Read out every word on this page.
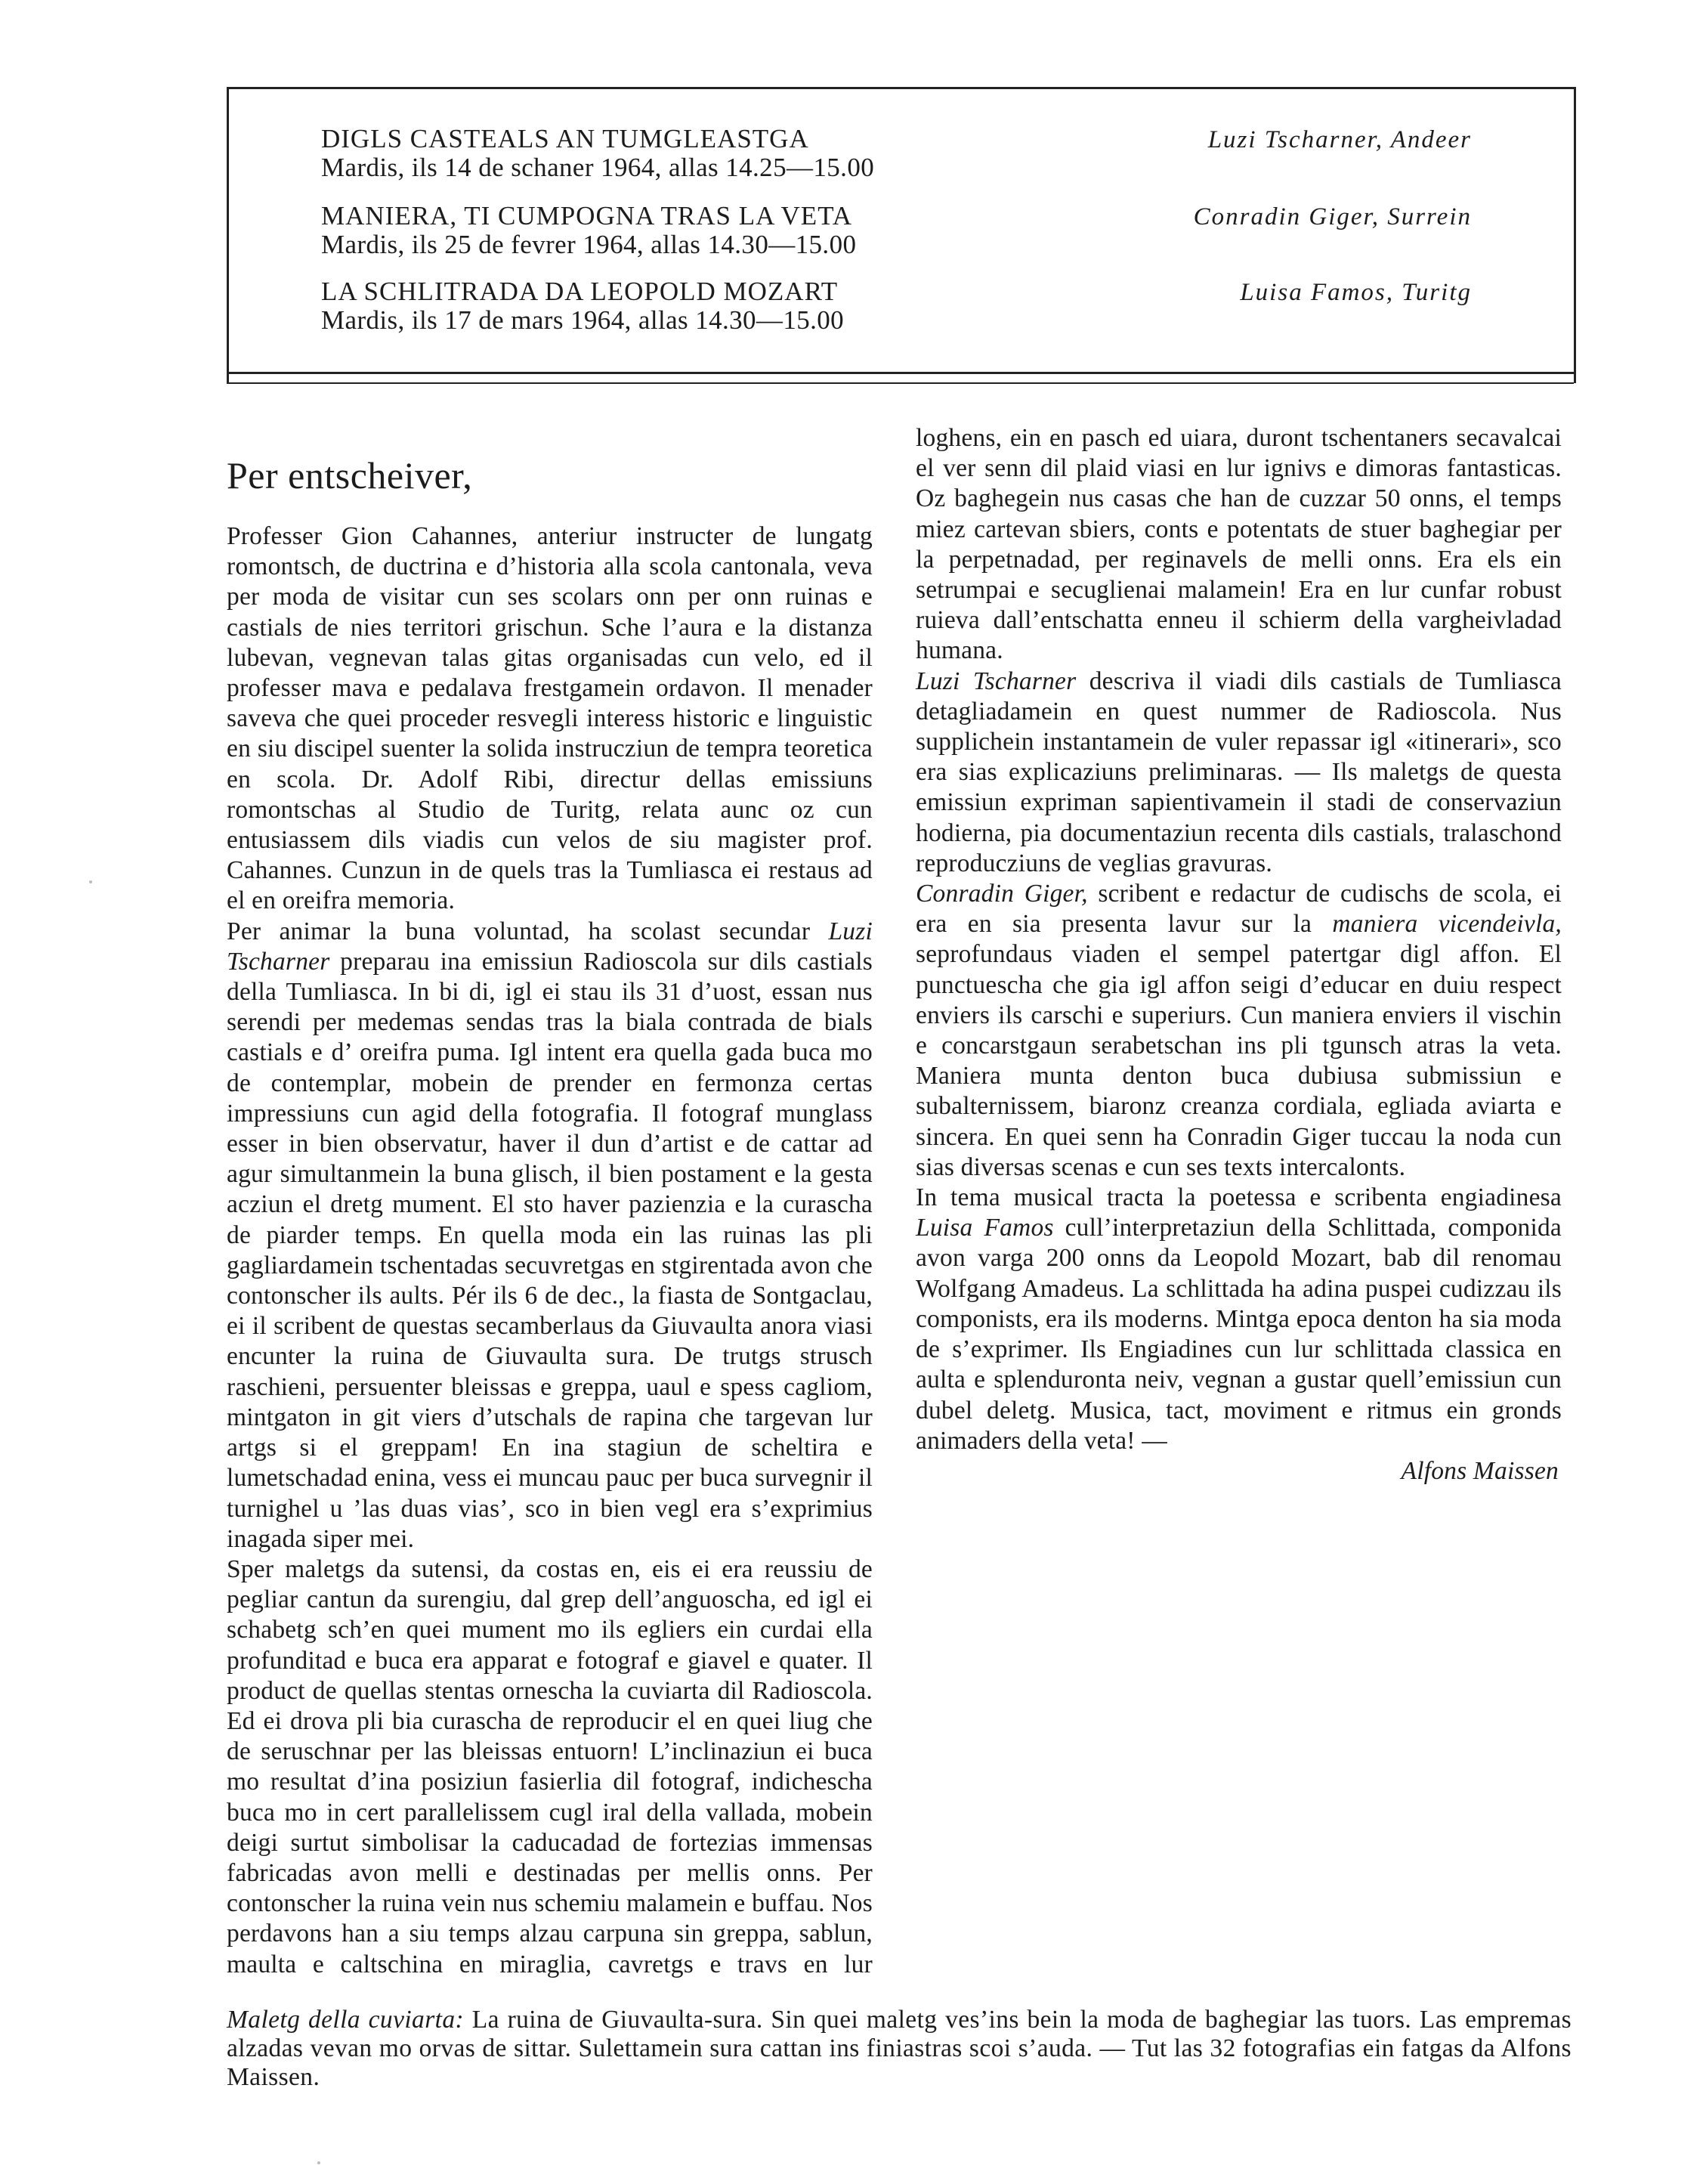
DIGLS CASTEALS AN TUMGLEASTGA
Mardis, ils 14 de schaner 1964, allas 14.25—15.00
Luzi Tscharner, Andeer
MANIERA, TI CUMPOGNA TRAS LA VETA
Mardis, ils 25 de fevrer 1964, allas 14.30—15.00
Conradin Giger, Surrein
LA SCHLITRADA DA LEOPOLD MOZART
Mardis, ils 17 de mars 1964, allas 14.30—15.00
Luisa Famos, Turitg
Per entscheiver,

Professer Gion Cahannes, anteriur instructer de lungatg romontsch, de ductrina e d’historia alla scola cantonala, veva per moda de visitar cun ses scolars onn per onn ruinas e castials de nies territori grischun. Sche l’aura e la distanza lubevan, vegnevan talas gitas organisadas cun velo, ed il professer mava e pedalava frestgamein ordavon. Il menader saveva che quei proceder resvegli interess historic e linguistic en siu discipel suenter la solida instrucziun de tempra teoretica en scola. Dr. Adolf Ribi, directur dellas emissiuns romontschas al Studio de Turitg, relata aunc oz cun entusiassem dils viadis cun velos de siu magister prof. Cahannes. Cunzun in de quels tras la Tumliasca ei restaus ad el en oreifra memoria.

Per animar la buna voluntad, ha scolast secundar Luzi Tscharner preparau ina emissiun Radioscola sur dils castials della Tumliasca. In bi di, igl ei stau ils 31 d’uost, essan nus serendi per medemas sendas tras la biala contrada de bials castials e d’ oreifra puma. Igl intent era quella gada buca mo de contemplar, mobein de prender en fermonza certas impressiuns cun agid della fotografia. Il fotograf munglass esser in bien observatur, haver il dun d’artist e de cattar ad agur simultanmein la buna glisch, il bien postament e la gesta acziun el dretg mument. El sto haver pazienzia e la curascha de piarder temps. En quella moda ein las ruinas las pli gagliardamein tschentadas secuvretgas en stgirentada avon che contonscher ils aults. Pér ils 6 de dec., la fiasta de Sontgaclau, ei il scribent de questas secamberlaus da Giuvaulta anora viasi encunter la ruina de Giuvaulta sura. De trutgs strusch raschieni, persuenter bleissas e greppa, uaul e spess cagliom, mintgaton in git viers d’utschals de rapina che targevan lur artgs si el greppam! En ina stagiun de scheltira e lumetschadad enina, vess ei muncau pauc per buca survegnir il turnighel u ’las duas vias’, sco in bien vegl era s’exprimius inagada siper mei.

Sper maletgs da sutensi, da costas en, eis ei era reussiu de pegliar cantun da surengiu, dal grep dell’anguoscha, ed igl ei schabetg sch’en quei mument mo ils egliers ein curdai ella profunditad e buca era apparat e fotograf e giavel e quater. Il product de quellas stentas ornescha la cuviarta dil Radioscola. Ed ei drova pli bia curascha de reproducir el en quei liug che de seruschnar per las bleissas entuorn! L’inclinaziun ei buca mo resultat d’ina posiziun fasierlia dil fotograf, indichescha buca mo in cert parallelissem cugl iral della vallada, mobein deigi surtut simbolisar la caducadad de fortezias immensas fabricadas avon melli e destinadas per mellis onns. Per contonscher la ruina vein nus schemiu malamein e buffau. Nos perdavons han a siu temps alzau carpuna sin greppa, sablun, maulta e caltschina en miraglia, cavretgs e travs en lur

loghens, ein en pasch ed uiara, duront tschentaners secavalcai el ver senn dil plaid viasi en lur ignivs e dimoras fantasticas. Oz baghegein nus casas che han de cuzzar 50 onns, el temps miez cartevan sbiers, conts e potentats de stuer baghegiar per la perpetnadad, per reginavels de melli onns. Era els ein setrumpai e secuglienai malamein! Era en lur cunfar robust ruieva dall’entschatta enneu il schierm della vargheivladad humana.

Luzi Tscharner descriva il viadi dils castials de Tumliasca detagliadamein en quest nummer de Radioscola. Nus supplichein instantamein de vuler repassar igl «itinerari», sco era sias explicaziuns preliminaras. — Ils maletgs de questa emissiun expriman sapientivamein il stadi de conservaziun hodierna, pia documentaziun recenta dils castials, tralaschond reproducziuns de veglias gravuras.

Conradin Giger, scribent e redactur de cudischs de scola, ei era en sia presenta lavur sur la maniera vicendeivla, seprofundaus viaden el sempel patertgar digl affon. El punctuescha che gia igl affon seigi d’educar en duiu respect enviers ils carschi e superiurs. Cun maniera enviers il vischin e concarstgaun serabetschan ins pli tgunsch atras la veta. Maniera munta denton buca dubiusa submissiun e subalternissem, biaronz creanza cordiala, egliada aviarta e sincera. En quei senn ha Conradin Giger tuccau la noda cun sias diversas scenas e cun ses texts intercalonts.

In tema musical tracta la poetessa e scribenta engiadinesa Luisa Famos cull’interpretaziun della Schlittada, componida avon varga 200 onns da Leopold Mozart, bab dil renomau Wolfgang Amadeus. La schlittada ha adina puspei cudizzau ils componists, era ils moderns. Mintga epoca denton ha sia moda de s’exprimer. Ils Engiadines cun lur schlittada classica en aulta e splenduronta neiv, vegnan a gustar quell’emissiun cun dubel deletg. Musica, tact, moviment e ritmus ein gronds animaders della veta! —

Alfons Maissen
Maletg della cuviarta: La ruina de Giuvaulta-sura. Sin quei maletg ves’ins bein la moda de baghegiar las tuors. Las empremas alzadas vevan mo orvas de sittar. Sulettamein sura cattan ins finiastras scoi s’auda. — Tut las 32 fotografias ein fatgas da Alfons Maissen.
